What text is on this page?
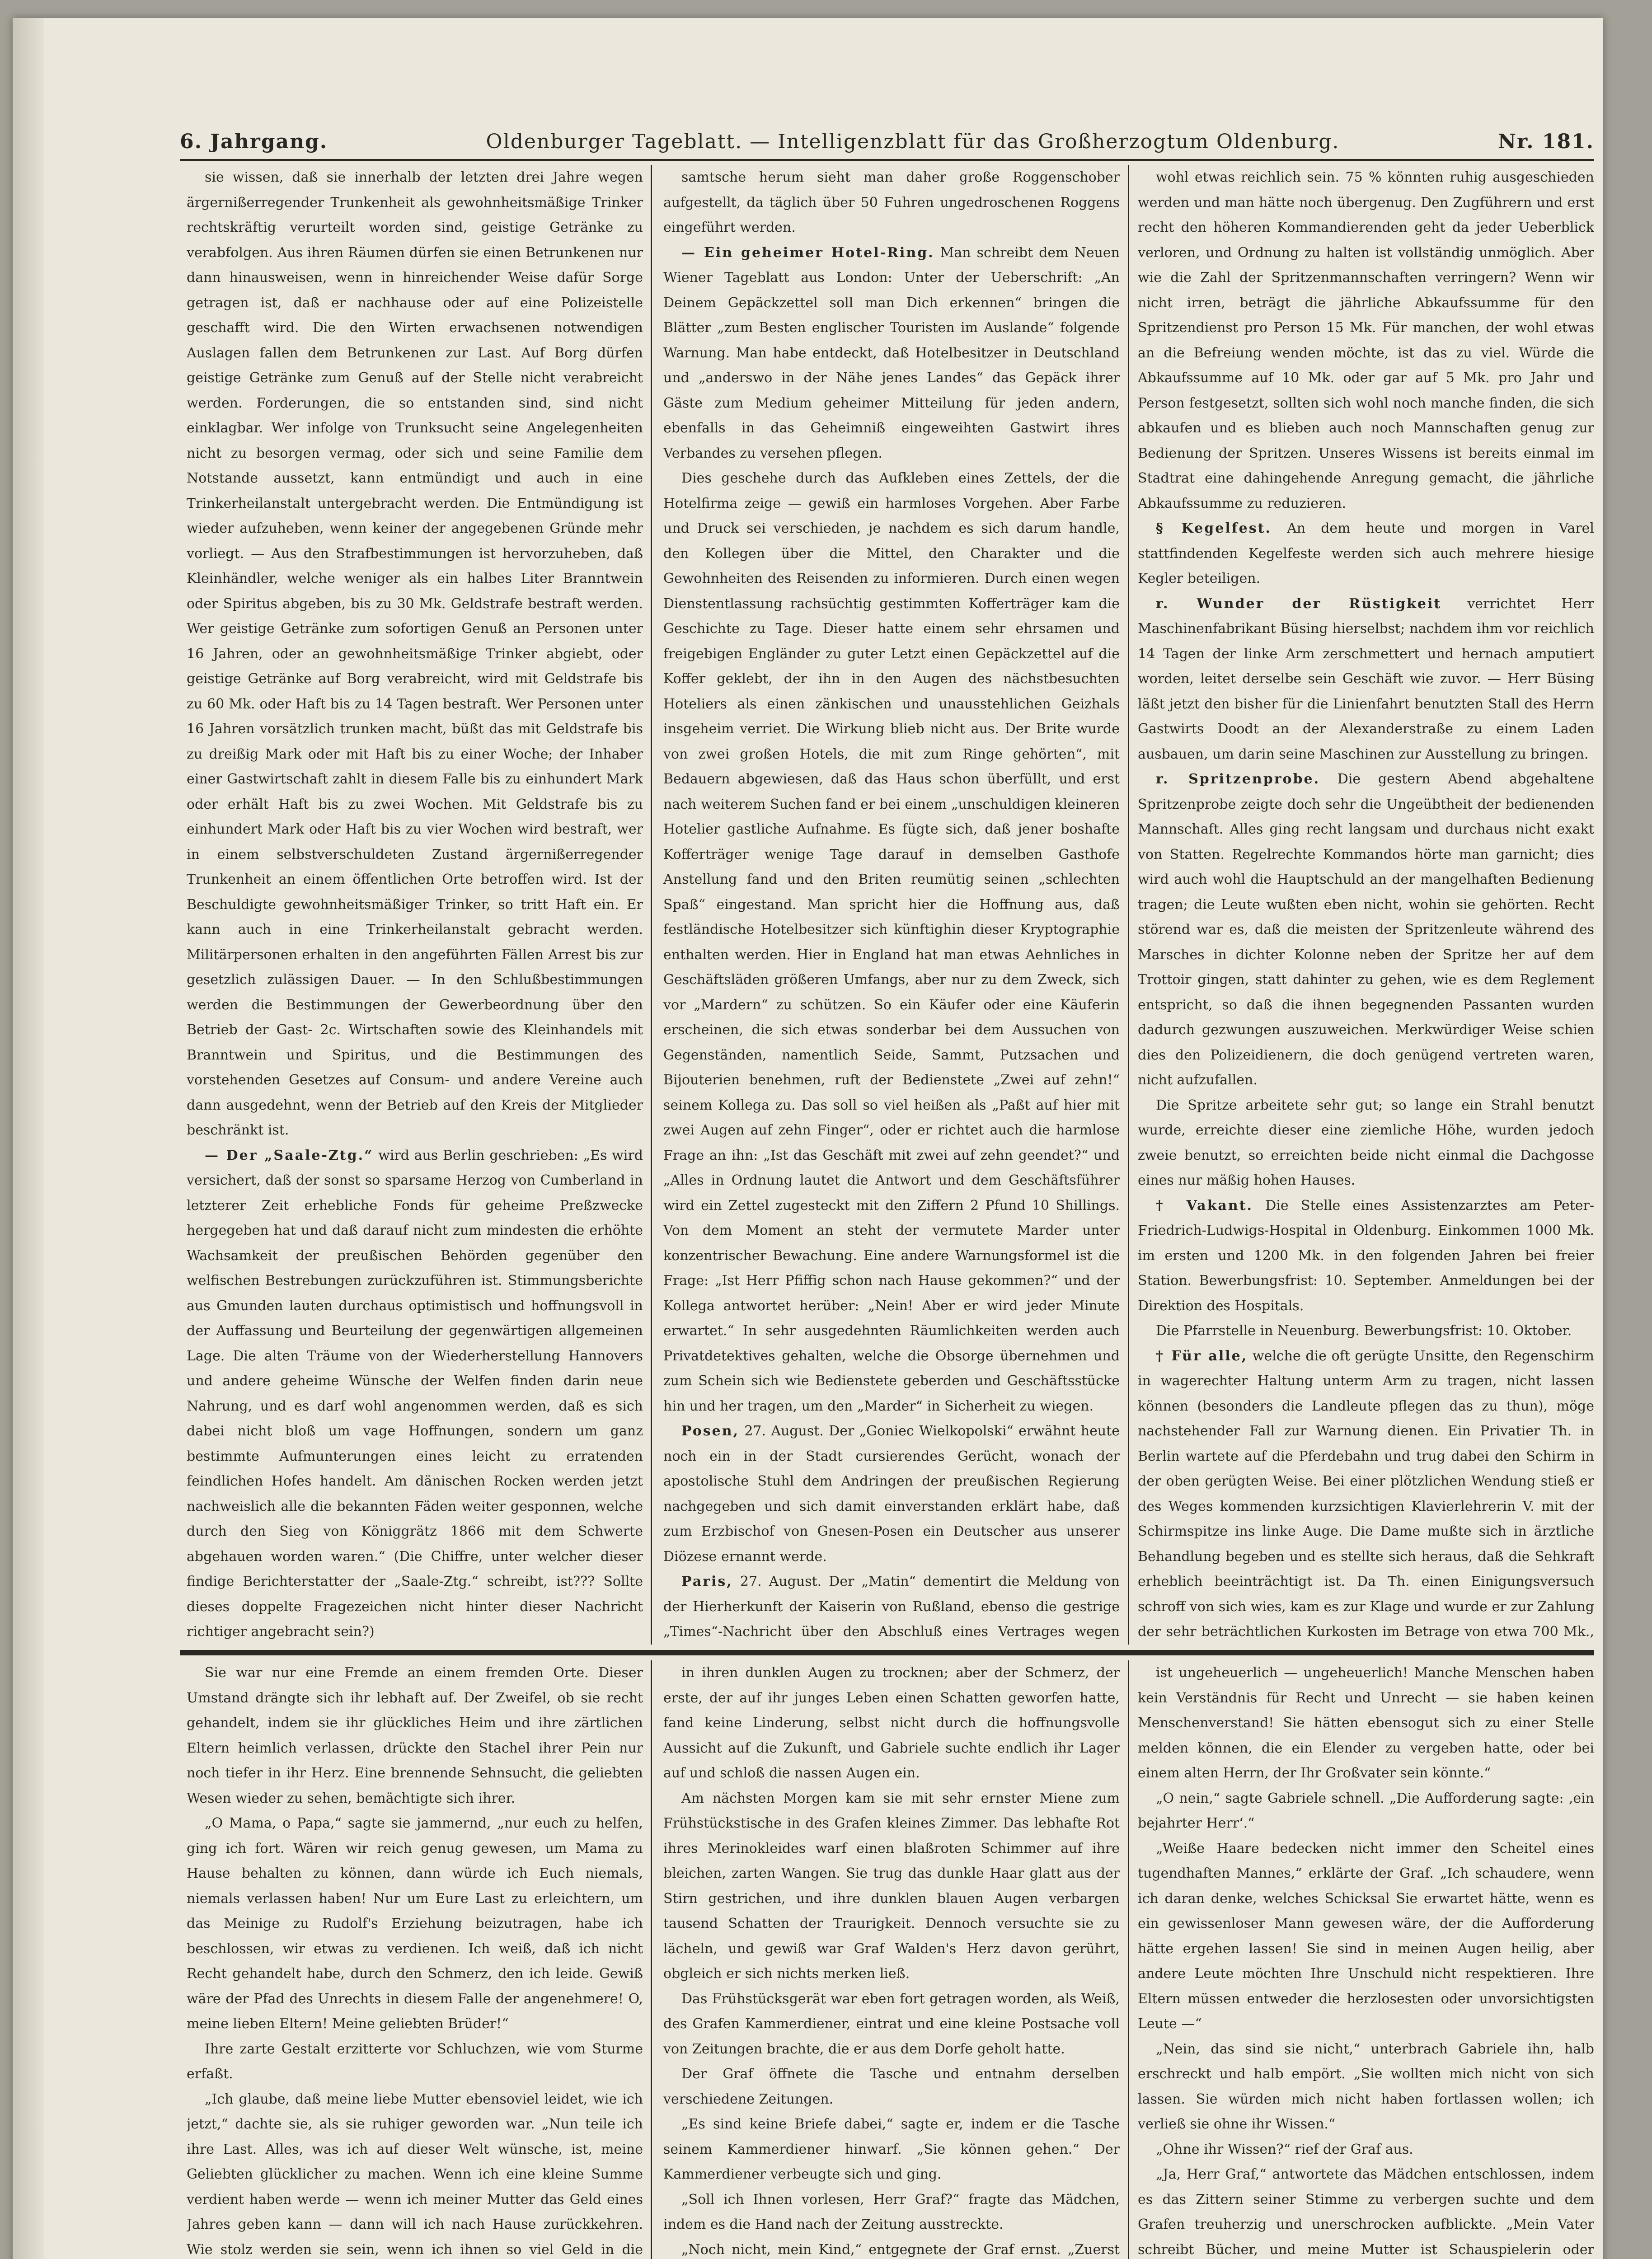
6. Jahrgang.	Oldenburger Tageblatt. — Intelligenzblatt für das Großherzogtum Oldenburg.	Nr. 181.

sie wissen, daß sie innerhalb der letzten drei Jahre wegen ärgernißerregender Trunkenheit als gewohnheitsmäßige Trinker rechtskräftig verurteilt worden sind, geistige Getränke zu verabfolgen. Aus ihren Räumen dürfen sie einen Betrunkenen nur dann hinausweisen, wenn in hinreichender Weise dafür Sorge getragen ist, daß er nachhause oder auf eine Polizeistelle geschafft wird. Die den Wirten erwachsenen notwendigen Auslagen fallen dem Betrunkenen zur Last. Auf Borg dürfen geistige Getränke zum Genuß auf der Stelle nicht verabreicht werden. Forderungen, die so entstanden sind, sind nicht einklagbar. Wer infolge von Trunksucht seine Angelegenheiten nicht zu besorgen vermag, oder sich und seine Familie dem Notstande aussetzt, kann entmündigt und auch in eine Trinkerheilanstalt untergebracht werden. Die Entmündigung ist wieder aufzuheben, wenn keiner der angegebenen Gründe mehr vorliegt. — Aus den Strafbestimmungen ist hervorzuheben, daß Kleinhändler, welche weniger als ein halbes Liter Branntwein oder Spiritus abgeben, bis zu 30 Mk. Geldstrafe bestraft werden. Wer geistige Getränke zum sofortigen Genuß an Personen unter 16 Jahren, oder an gewohnheitsmäßige Trinker abgiebt, oder geistige Getränke auf Borg verabreicht, wird mit Geldstrafe bis zu 60 Mk. oder Haft bis zu 14 Tagen bestraft. Wer Personen unter 16 Jahren vorsätzlich trunken macht, büßt das mit Geldstrafe bis zu dreißig Mark oder mit Haft bis zu einer Woche; der Inhaber einer Gastwirtschaft zahlt in diesem Falle bis zu einhundert Mark oder erhält Haft bis zu zwei Wochen. Mit Geldstrafe bis zu einhundert Mark oder Haft bis zu vier Wochen wird bestraft, wer in einem selbstverschuldeten Zustand ärgernißerregender Trunkenheit an einem öffentlichen Orte betroffen wird. Ist der Beschuldigte gewohnheitsmäßiger Trinker, so tritt Haft ein. Er kann auch in eine Trinkerheilanstalt gebracht werden. Militärpersonen erhalten in den angeführten Fällen Arrest bis zur gesetzlich zulässigen Dauer. — In den Schlußbestimmungen werden die Bestimmungen der Gewerbeordnung über den Betrieb der Gast- 2c. Wirtschaften sowie des Kleinhandels mit Branntwein und Spiritus, und die Bestimmungen des vorstehenden Gesetzes auf Consum- und andere Vereine auch dann ausgedehnt, wenn der Betrieb auf den Kreis der Mitglieder beschränkt ist.

— Der „Saale-Ztg.“ wird aus Berlin geschrieben: „Es wird versichert, daß der sonst so sparsame Herzog von Cumberland in letzterer Zeit erhebliche Fonds für geheime Preßzwecke hergegeben hat und daß darauf nicht zum mindesten die erhöhte Wachsamkeit der preußischen Behörden gegenüber den welfischen Bestrebungen zurückzuführen ist. Stimmungsberichte aus Gmunden lauten durchaus optimistisch und hoffnungsvoll in der Auffassung und Beurteilung der gegenwärtigen allgemeinen Lage. Die alten Träume von der Wiederherstellung Hannovers und andere geheime Wünsche der Welfen finden darin neue Nahrung, und es darf wohl angenommen werden, daß es sich dabei nicht bloß um vage Hoffnungen, sondern um ganz bestimmte Aufmunterungen eines leicht zu erratenden feindlichen Hofes handelt. Am dänischen Rocken werden jetzt nachweislich alle die bekannten Fäden weiter gesponnen, welche durch den Sieg von Königgrätz 1866 mit dem Schwerte abgehauen worden waren.“ (Die Chiffre, unter welcher dieser findige Berichterstatter der „Saale-Ztg.“ schreibt, ist??? Sollte dieses doppelte Fragezeichen nicht hinter dieser Nachricht richtiger angebracht sein?)

samtsche herum sieht man daher große Roggenschober aufgestellt, da täglich über 50 Fuhren ungedroschenen Roggens eingeführt werden.

— Ein geheimer Hotel-Ring. Man schreibt dem Neuen Wiener Tageblatt aus London: Unter der Ueberschrift: „An Deinem Gepäckzettel soll man Dich erkennen“ bringen die Blätter „zum Besten englischer Touristen im Auslande“ folgende Warnung. Man habe entdeckt, daß Hotelbesitzer in Deutschland und „anderswo in der Nähe jenes Landes“ das Gepäck ihrer Gäste zum Medium geheimer Mitteilung für jeden andern, ebenfalls in das Geheimniß eingeweihten Gastwirt ihres Verbandes zu versehen pflegen.

Dies geschehe durch das Aufkleben eines Zettels, der die Hotelfirma zeige — gewiß ein harmloses Vorgehen. Aber Farbe und Druck sei verschieden, je nachdem es sich darum handle, den Kollegen über die Mittel, den Charakter und die Gewohnheiten des Reisenden zu informieren. Durch einen wegen Dienstentlassung rachsüchtig gestimmten Kofferträger kam die Geschichte zu Tage. Dieser hatte einem sehr ehrsamen und freigebigen Engländer zu guter Letzt einen Gepäckzettel auf die Koffer geklebt, der ihn in den Augen des nächstbesuchten Hoteliers als einen zänkischen und unausstehlichen Geizhals insgeheim verriet. Die Wirkung blieb nicht aus. Der Brite wurde von zwei großen Hotels, die mit zum Ringe gehörten“, mit Bedauern abgewiesen, daß das Haus schon überfüllt, und erst nach weiterem Suchen fand er bei einem „unschuldigen kleineren Hotelier gastliche Aufnahme. Es fügte sich, daß jener boshafte Kofferträger wenige Tage darauf in demselben Gasthofe Anstellung fand und den Briten reumütig seinen „schlechten Spaß“ eingestand. Man spricht hier die Hoffnung aus, daß festländische Hotelbesitzer sich künftighin dieser Kryptographie enthalten werden. Hier in England hat man etwas Aehnliches in Geschäftsläden größeren Umfangs, aber nur zu dem Zweck, sich vor „Mardern“ zu schützen. So ein Käufer oder eine Käuferin erscheinen, die sich etwas sonderbar bei dem Aussuchen von Gegenständen, namentlich Seide, Sammt, Putzsachen und Bijouterien benehmen, ruft der Bedienstete „Zwei auf zehn!“ seinem Kollega zu. Das soll so viel heißen als „Paßt auf hier mit zwei Augen auf zehn Finger“, oder er richtet auch die harmlose Frage an ihn: „Ist das Geschäft mit zwei auf zehn geendet?“ und „Alles in Ordnung lautet die Antwort und dem Geschäftsführer wird ein Zettel zugesteckt mit den Ziffern 2 Pfund 10 Shillings. Von dem Moment an steht der vermutete Marder unter konzentrischer Bewachung. Eine andere Warnungsformel ist die Frage: „Ist Herr Pfiffig schon nach Hause gekommen?“ und der Kollega antwortet herüber: „Nein! Aber er wird jeder Minute erwartet.“ In sehr ausgedehnten Räumlichkeiten werden auch Privatdetektives gehalten, welche die Obsorge übernehmen und zum Schein sich wie Bedienstete geberden und Geschäftsstücke hin und her tragen, um den „Marder“ in Sicherheit zu wiegen.

Posen, 27. August. Der „Goniec Wielkopolski“ erwähnt heute noch ein in der Stadt cursierendes Gerücht, wonach der apostolische Stuhl dem Andringen der preußischen Regierung nachgegeben und sich damit einverstanden erklärt habe, daß zum Erzbischof von Gnesen-Posen ein Deutscher aus unserer Diözese ernannt werde.

Paris, 27. August. Der „Matin“ dementirt die Meldung von der Hierherkunft der Kaiserin von Rußland, ebenso die gestrige „Times“-Nachricht über den Abschluß eines Vertrages wegen

wohl etwas reichlich sein. 75 % könnten ruhig ausgeschieden werden und man hätte noch übergenug. Den Zugführern und erst recht den höheren Kommandierenden geht da jeder Ueberblick verloren, und Ordnung zu halten ist vollständig unmöglich. Aber wie die Zahl der Spritzenmannschaften verringern? Wenn wir nicht irren, beträgt die jährliche Abkaufssumme für den Spritzendienst pro Person 15 Mk. Für manchen, der wohl etwas an die Befreiung wenden möchte, ist das zu viel. Würde die Abkaufssumme auf 10 Mk. oder gar auf 5 Mk. pro Jahr und Person festgesetzt, sollten sich wohl noch manche finden, die sich abkaufen und es blieben auch noch Mannschaften genug zur Bedienung der Spritzen. Unseres Wissens ist bereits einmal im Stadtrat eine dahingehende Anregung gemacht, die jährliche Abkaufssumme zu reduzieren.

§ Kegelfest. An dem heute und morgen in Varel stattfindenden Kegelfeste werden sich auch mehrere hiesige Kegler beteiligen.

r. Wunder der Rüstigkeit verrichtet Herr Maschinenfabrikant Büsing hierselbst; nachdem ihm vor reichlich 14 Tagen der linke Arm zerschmettert und hernach amputiert worden, leitet derselbe sein Geschäft wie zuvor. — Herr Büsing läßt jetzt den bisher für die Linienfahrt benutzten Stall des Herrn Gastwirts Doodt an der Alexanderstraße zu einem Laden ausbauen, um darin seine Maschinen zur Ausstellung zu bringen.

r. Spritzenprobe. Die gestern Abend abgehaltene Spritzenprobe zeigte doch sehr die Ungeübtheit der bedienenden Mannschaft. Alles ging recht langsam und durchaus nicht exakt von Statten. Regelrechte Kommandos hörte man garnicht; dies wird auch wohl die Hauptschuld an der mangelhaften Bedienung tragen; die Leute wußten eben nicht, wohin sie gehörten. Recht störend war es, daß die meisten der Spritzenleute während des Marsches in dichter Kolonne neben der Spritze her auf dem Trottoir gingen, statt dahinter zu gehen, wie es dem Reglement entspricht, so daß die ihnen begegnenden Passanten wurden dadurch gezwungen auszuweichen. Merkwürdiger Weise schien dies den Polizeidienern, die doch genügend vertreten waren, nicht aufzufallen.

Die Spritze arbeitete sehr gut; so lange ein Strahl benutzt wurde, erreichte dieser eine ziemliche Höhe, wurden jedoch zweie benutzt, so erreichten beide nicht einmal die Dachgosse eines nur mäßig hohen Hauses.

† Vakant. Die Stelle eines Assistenzarztes am Peter-Friedrich-Ludwigs-Hospital in Oldenburg. Einkommen 1000 Mk. im ersten und 1200 Mk. in den folgenden Jahren bei freier Station. Bewerbungsfrist: 10. September. Anmeldungen bei der Direktion des Hospitals.

Die Pfarrstelle in Neuenburg. Bewerbungsfrist: 10. Oktober.

† Für alle, welche die oft gerügte Unsitte, den Regenschirm in wagerechter Haltung unterm Arm zu tragen, nicht lassen können (besonders die Landleute pflegen das zu thun), möge nachstehender Fall zur Warnung dienen. Ein Privatier Th. in Berlin wartete auf die Pferdebahn und trug dabei den Schirm in der oben gerügten Weise. Bei einer plötzlichen Wendung stieß er des Weges kommenden kurzsichtigen Klavierlehrerin V. mit der Schirmspitze ins linke Auge. Die Dame mußte sich in ärztliche Behandlung begeben und es stellte sich heraus, daß die Sehkraft erheblich beeinträchtigt ist. Da Th. einen Einigungsversuch schroff von sich wies, kam es zur Klage und wurde er zur Zahlung der sehr beträchtlichen Kurkosten im Betrage von etwa 700 Mk.,

Sie war nur eine Fremde an einem fremden Orte. Dieser Umstand drängte sich ihr lebhaft auf. Der Zweifel, ob sie recht gehandelt, indem sie ihr glückliches Heim und ihre zärtlichen Eltern heimlich verlassen, drückte den Stachel ihrer Pein nur noch tiefer in ihr Herz. Eine brennende Sehnsucht, die geliebten Wesen wieder zu sehen, bemächtigte sich ihrer.

„O Mama, o Papa,“ sagte sie jammernd, „nur euch zu helfen, ging ich fort. Wären wir reich genug gewesen, um Mama zu Hause behalten zu können, dann würde ich Euch niemals, niemals verlassen haben! Nur um Eure Last zu erleichtern, um das Meinige zu Rudolf's Erziehung beizutragen, habe ich beschlossen, wir etwas zu verdienen. Ich weiß, daß ich nicht Recht gehandelt habe, durch den Schmerz, den ich leide. Gewiß wäre der Pfad des Unrechts in diesem Falle der angenehmere! O, meine lieben Eltern! Meine geliebten Brüder!“

Ihre zarte Gestalt erzitterte vor Schluchzen, wie vom Sturme erfaßt.

„Ich glaube, daß meine liebe Mutter ebensoviel leidet, wie ich jetzt,“ dachte sie, als sie ruhiger geworden war. „Nun teile ich ihre Last. Alles, was ich auf dieser Welt wünsche, ist, meine Geliebten glücklicher zu machen. Wenn ich eine kleine Summe verdient haben werde — wenn ich meiner Mutter das Geld eines Jahres geben kann — dann will ich nach Hause zurückkehren. Wie stolz werden sie sein, wenn ich ihnen so viel Geld in die

in ihren dunklen Augen zu trocknen; aber der Schmerz, der erste, der auf ihr junges Leben einen Schatten geworfen hatte, fand keine Linderung, selbst nicht durch die hoffnungsvolle Aussicht auf die Zukunft, und Gabriele suchte endlich ihr Lager auf und schloß die nassen Augen ein.

Am nächsten Morgen kam sie mit sehr ernster Miene zum Frühstückstische in des Grafen kleines Zimmer. Das lebhafte Rot ihres Merinokleides warf einen blaßroten Schimmer auf ihre bleichen, zarten Wangen. Sie trug das dunkle Haar glatt aus der Stirn gestrichen, und ihre dunklen blauen Augen verbargen tausend Schatten der Traurigkeit. Dennoch versuchte sie zu lächeln, und gewiß war Graf Walden's Herz davon gerührt, obgleich er sich nichts merken ließ.

Das Frühstücksgerät war eben fort getragen worden, als Weiß, des Grafen Kammerdiener, eintrat und eine kleine Postsache voll von Zeitungen brachte, die er aus dem Dorfe geholt hatte.

Der Graf öffnete die Tasche und entnahm derselben verschiedene Zeitungen.

„Es sind keine Briefe dabei,“ sagte er, indem er die Tasche seinem Kammerdiener hinwarf. „Sie können gehen.“ Der Kammerdiener verbeugte sich und ging.

„Soll ich Ihnen vorlesen, Herr Graf?“ fragte das Mädchen, indem es die Hand nach der Zeitung ausstreckte.

„Noch nicht, mein Kind,“ entgegnete der Graf ernst. „Zuerst

ist ungeheuerlich — ungeheuerlich! Manche Menschen haben kein Verständnis für Recht und Unrecht — sie haben keinen Menschenverstand! Sie hätten ebensogut sich zu einer Stelle melden können, die ein Elender zu vergeben hatte, oder bei einem alten Herrn, der Ihr Großvater sein könnte.“

„O nein,“ sagte Gabriele schnell. „Die Aufforderung sagte: ‚ein bejahrter Herr‘.“

„Weiße Haare bedecken nicht immer den Scheitel eines tugendhaften Mannes,“ erklärte der Graf. „Ich schaudere, wenn ich daran denke, welches Schicksal Sie erwartet hätte, wenn es ein gewissenloser Mann gewesen wäre, der die Aufforderung hätte ergehen lassen! Sie sind in meinen Augen heilig, aber andere Leute möchten Ihre Unschuld nicht respektieren. Ihre Eltern müssen entweder die herzlosesten oder unvorsichtigsten Leute —“

„Nein, das sind sie nicht,“ unterbrach Gabriele ihn, halb erschreckt und halb empört. „Sie wollten mich nicht von sich lassen. Sie würden mich nicht haben fortlassen wollen; ich verließ sie ohne ihr Wissen.“

„Ohne ihr Wissen?“ rief der Graf aus.

„Ja, Herr Graf,“ antwortete das Mädchen entschlossen, indem es das Zittern seiner Stimme zu verbergen suchte und dem Grafen treuherzig und unerschrocken aufblickte. „Mein Vater schreibt Bücher, und meine Mutter ist Schauspielerin oder
